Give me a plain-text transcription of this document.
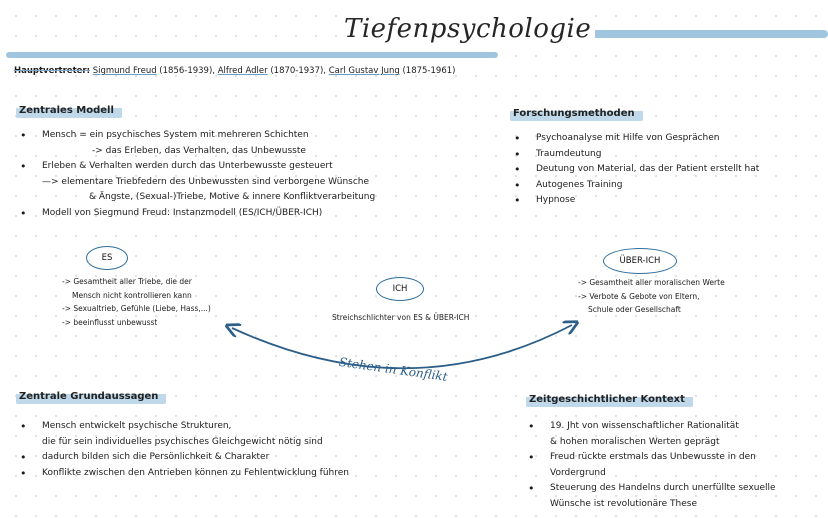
Tiefenpsychologie
Hauptvertreter: Sigmund Freud (1856-1939), Alfred Adler (1870-1937), Carl Gustav Jung (1875-1961)
Zentrales Modell
• Mensch = ein psychisches System mit mehreren Schichten
-> das Erleben, das Verhalten, das Unbewusste
• Erleben & Verhalten werden durch das Unterbewusste gesteuert
—> elementare Triebfedern des Unbewussten sind verborgene Wünsche
& Ängste, (Sexual-)Triebe, Motive & innere Konfliktverarbeitung
• Modell von Siegmund Freud: Instanzmodell (ES/ICH/ÜBER-ICH)
Forschungsmethoden
• Psychoanalyse mit Hilfe von Gesprächen
• Traumdeutung
• Deutung von Material, das der Patient erstellt hat
• Autogenes Training
• Hypnose
ES
-> Gesamtheit aller Triebe, die der
Mensch nicht kontrollieren kann
-> Sexualtrieb, Gefühle (Liebe, Hass,...)
-> beeinflusst unbewusst
ICH
Streichschlichter von ES & ÜBER-ICH
ÜBER-ICH
-> Gesamtheit aller moralischen Werte
-> Verbote & Gebote von Eltern,
Schule oder Gesellschaft
Stehen in Konflikt
Zentrale Grundaussagen
• Mensch entwickelt psychische Strukturen,
die für sein individuelles psychisches Gleichgewicht nötig sind
• dadurch bilden sich die Persönlichkeit & Charakter
• Konflikte zwischen den Antrieben können zu Fehlentwicklung führen
Zeitgeschichtlicher Kontext
• 19. Jht von wissenschaftlicher Rationalität
& hohen moralischen Werten geprägt
• Freud rückte erstmals das Unbewusste in den
Vordergrund
• Steuerung des Handelns durch unerfüllte sexuelle
Wünsche ist revolutionäre These
